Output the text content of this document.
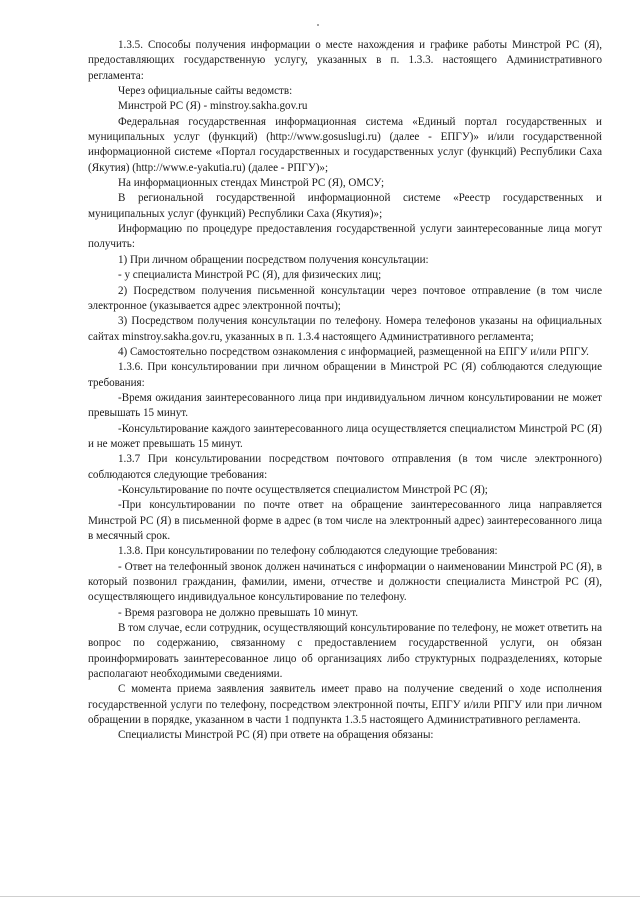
1.3.5. Способы получения информации о месте нахождения и графике работы Минстрой РС (Я), предоставляющих государственную услугу, указанных в п. 1.3.3. настоящего Административного регламента:

Через официальные сайты ведомств:

Минстрой РС (Я) - minstroy.sakha.gov.ru

Федеральная государственная информационная система «Единый портал государственных и муниципальных услуг (функций) (http://www.gosuslugi.ru) (далее - ЕПГУ)» и/или государственной информационной системе «Портал государственных и государственных услуг (функций) Республики Саха (Якутия) (http://www.e-yakutia.ru) (далее - РПГУ)»;

На информационных стендах Минстрой РС (Я), ОМСУ;

В региональной государственной информационной системе «Реестр государственных и муниципальных услуг (функций) Республики Саха (Якутия)»;

Информацию по процедуре предоставления государственной услуги заинтересованные лица могут получить:

1) При личном обращении посредством получения консультации:

- у специалиста Минстрой РС (Я), для физических лиц;

2) Посредством получения письменной консультации через почтовое отправление (в том числе электронное (указывается адрес электронной почты);

3) Посредством получения консультации по телефону. Номера телефонов указаны на официальных сайтах minstroy.sakha.gov.ru, указанных в п. 1.3.4 настоящего Административного регламента;

4) Самостоятельно посредством ознакомления с информацией, размещенной на ЕПГУ и/или РПГУ.

1.3.6. При консультировании при личном обращении в Минстрой РС (Я) соблюдаются следующие требования:

-Время ожидания заинтересованного лица при индивидуальном личном консультировании не может превышать 15 минут.

-Консультирование каждого заинтересованного лица осуществляется специалистом Минстрой РС (Я) и не может превышать 15 минут.

1.3.7 При консультировании посредством почтового отправления (в том числе электронного) соблюдаются следующие требования:

-Консультирование по почте осуществляется специалистом Минстрой РС (Я);

-При консультировании по почте ответ на обращение заинтересованного лица направляется Минстрой РС (Я) в письменной форме в адрес (в том числе на электронный адрес) заинтересованного лица в месячный срок.

1.3.8. При консультировании по телефону соблюдаются следующие требования:

- Ответ на телефонный звонок должен начинаться с информации о наименовании Минстрой РС (Я), в который позвонил гражданин, фамилии, имени, отчестве и должности специалиста Минстрой РС (Я), осуществляющего индивидуальное консультирование по телефону.

- Время разговора не должно превышать 10 минут.

В том случае, если сотрудник, осуществляющий консультирование по телефону, не может ответить на вопрос по содержанию, связанному с предоставлением государственной услуги, он обязан проинформировать заинтересованное лицо об организациях либо структурных подразделениях, которые располагают необходимыми сведениями.

С момента приема заявления заявитель имеет право на получение сведений о ходе исполнения государственной услуги по телефону, посредством электронной почты, ЕПГУ и/или РПГУ или при личном обращении в порядке, указанном в части 1 подпункта 1.3.5 настоящего Административного регламента.

Специалисты Минстрой РС (Я) при ответе на обращения обязаны:
